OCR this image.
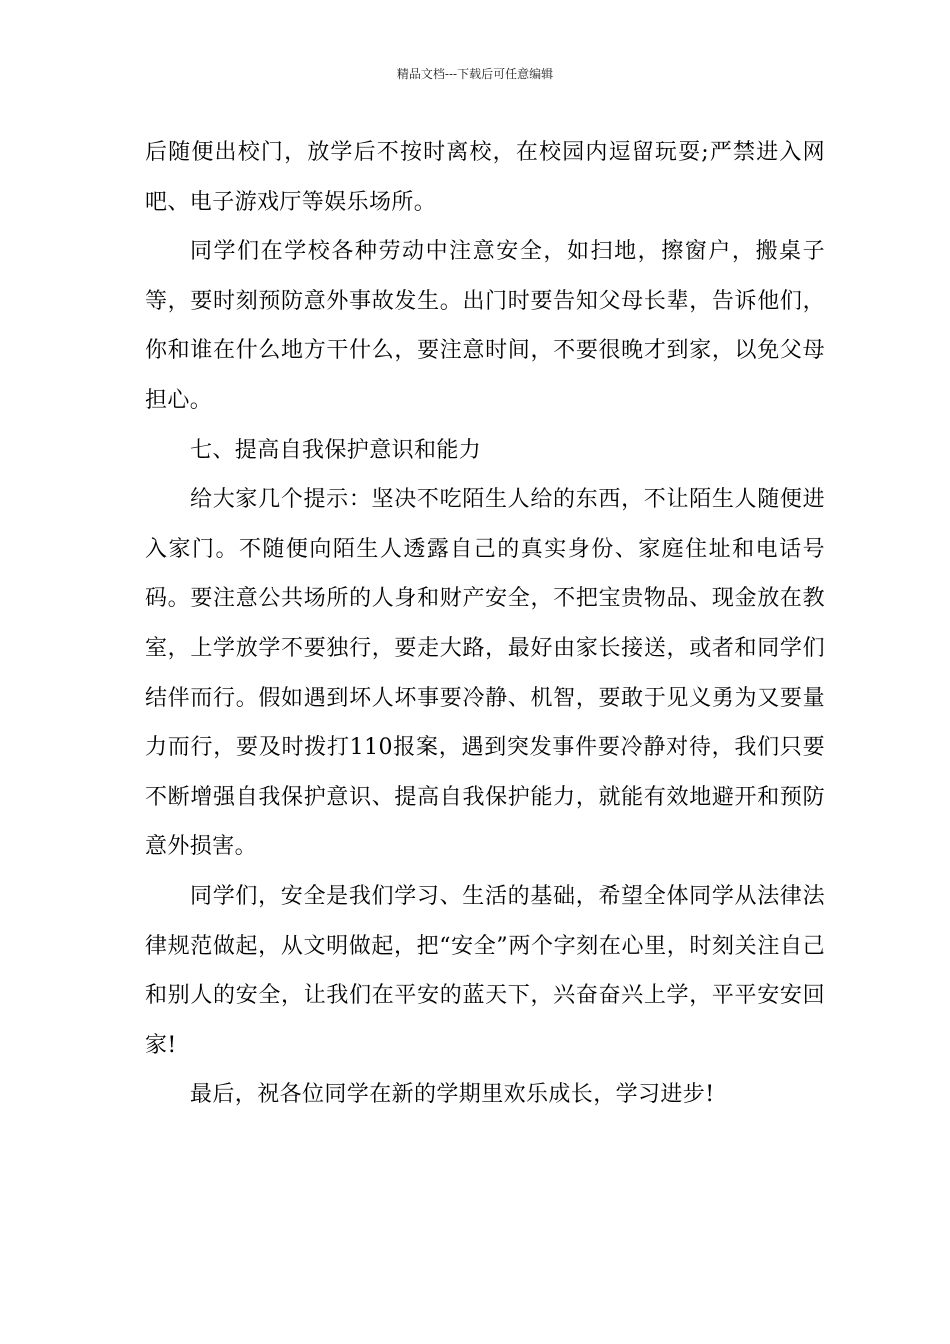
精品文档---下载后可任意编辑

后随便出校门，放学后不按时离校，在校园内逗留玩耍;严禁进入网吧、电子游戏厅等娱乐场所。

同学们在学校各种劳动中注意安全，如扫地，擦窗户，搬桌子等，要时刻预防意外事故发生。出门时要告知父母长辈，告诉他们，你和谁在什么地方干什么，要注意时间，不要很晚才到家，以免父母担心。

七、提高自我保护意识和能力

给大家几个提示：坚决不吃陌生人给的东西，不让陌生人随便进入家门。不随便向陌生人透露自己的真实身份、家庭住址和电话号码。要注意公共场所的人身和财产安全，不把宝贵物品、现金放在教室，上学放学不要独行，要走大路，最好由家长接送，或者和同学们结伴而行。假如遇到坏人坏事要冷静、机智，要敢于见义勇为又要量力而行，要及时拨打110报案，遇到突发事件要冷静对待，我们只要不断增强自我保护意识、提高自我保护能力，就能有效地避开和预防意外损害。

同学们，安全是我们学习、生活的基础，希望全体同学从法律法律规范做起，从文明做起，把“安全”两个字刻在心里，时刻关注自己和别人的安全，让我们在平安的蓝天下，兴奋奋兴上学，平平安安回家!

最后，祝各位同学在新的学期里欢乐成长，学习进步!
